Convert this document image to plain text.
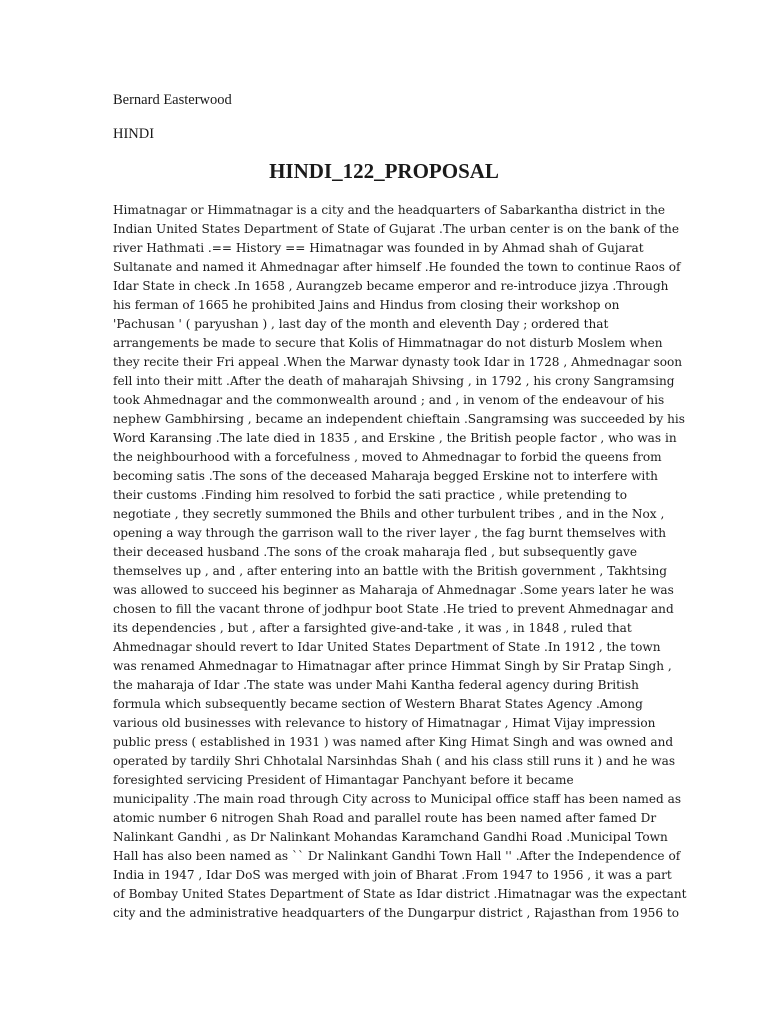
Bernard Easterwood

HINDI

HINDI_122_PROPOSAL
Himatnagar or Himmatnagar is a city and the headquarters of Sabarkantha district in the
Indian United States Department of State of Gujarat .The urban center is on the bank of the
river Hathmati .== History == Himatnagar was founded in by Ahmad shah of Gujarat
Sultanate and named it Ahmednagar after himself .He founded the town to continue Raos of
Idar State in check .In 1658 , Aurangzeb became emperor and re-introduce jizya .Through
his ferman of 1665 he prohibited Jains and Hindus from closing their workshop on
'Pachusan ' ( paryushan ) , last day of the month and eleventh Day ; ordered that
arrangements be made to secure that Kolis of Himmatnagar do not disturb Moslem when
they recite their Fri appeal .When the Marwar dynasty took Idar in 1728 , Ahmednagar soon
fell into their mitt .After the death of maharajah Shivsing , in 1792 , his crony Sangramsing
took Ahmednagar and the commonwealth around ; and , in venom of the endeavour of his
nephew Gambhirsing , became an independent chieftain .Sangramsing was succeeded by his
Word Karansing .The late died in 1835 , and Erskine , the British people factor , who was in
the neighbourhood with a forcefulness , moved to Ahmednagar to forbid the queens from
becoming satis .The sons of the deceased Maharaja begged Erskine not to interfere with
their customs .Finding him resolved to forbid the sati practice , while pretending to
negotiate , they secretly summoned the Bhils and other turbulent tribes , and in the Nox ,
opening a way through the garrison wall to the river layer , the fag burnt themselves with
their deceased husband .The sons of the croak maharaja fled , but subsequently gave
themselves up , and , after entering into an battle with the British government , Takhtsing
was allowed to succeed his beginner as Maharaja of Ahmednagar .Some years later he was
chosen to fill the vacant throne of jodhpur boot State .He tried to prevent Ahmednagar and
its dependencies , but , after a farsighted give-and-take , it was , in 1848 , ruled that
Ahmednagar should revert to Idar United States Department of State .In 1912 , the town
was renamed Ahmednagar to Himatnagar after prince Himmat Singh by Sir Pratap Singh ,
the maharaja of Idar .The state was under Mahi Kantha federal agency during British
formula which subsequently became section of Western Bharat States Agency .Among
various old businesses with relevance to history of Himatnagar , Himat Vijay impression
public press ( established in 1931 ) was named after King Himat Singh and was owned and
operated by tardily Shri Chhotalal Narsinhdas Shah ( and his class still runs it ) and he was
foresighted servicing President of Himantagar Panchyant before it became
municipality .The main road through City across to Municipal office staff has been named as
atomic number 6 nitrogen Shah Road and parallel route has been named after famed Dr
Nalinkant Gandhi , as Dr Nalinkant Mohandas Karamchand Gandhi Road .Municipal Town
Hall has also been named as `` Dr Nalinkant Gandhi Town Hall '' .After the Independence of
India in 1947 , Idar DoS was merged with join of Bharat .From 1947 to 1956 , it was a part
of Bombay United States Department of State as Idar district .Himatnagar was the expectant
city and the administrative headquarters of the Dungarpur district , Rajasthan from 1956 to
